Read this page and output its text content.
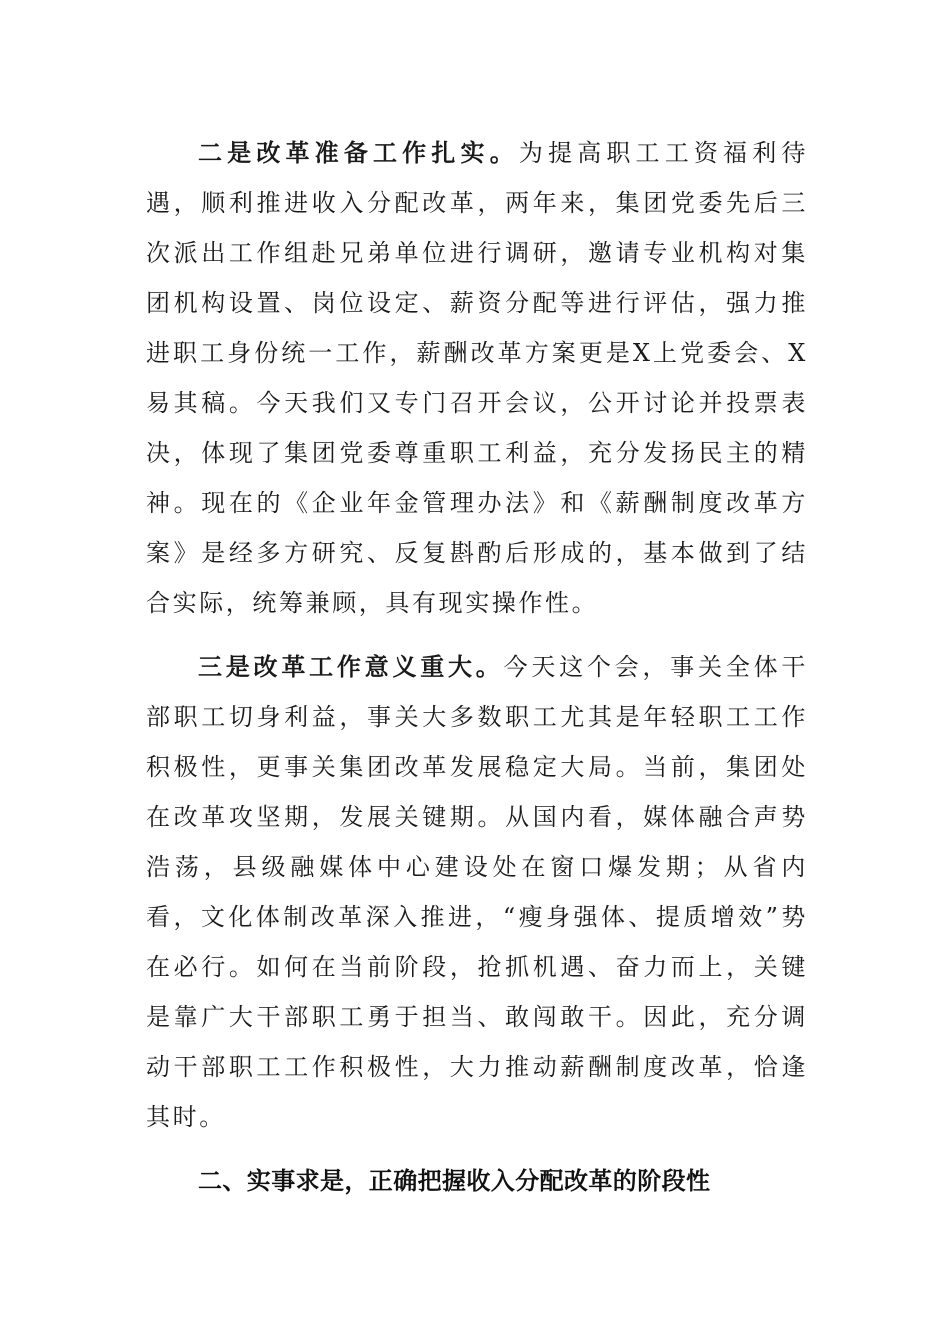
二是改革准备工作扎实。为提高职工工资福利待遇，顺利推进收入分配改革，两年来，集团党委先后三次派出工作组赴兄弟单位进行调研，邀请专业机构对集团机构设置、岗位设定、薪资分配等进行评估，强力推进职工身份统一工作，薪酬改革方案更是X上党委会、X易其稿。今天我们又专门召开会议，公开讨论并投票表决，体现了集团党委尊重职工利益，充分发扬民主的精神。现在的《企业年金管理办法》和《薪酬制度改革方案》是经多方研究、反复斟酌后形成的，基本做到了结合实际，统筹兼顾，具有现实操作性。

三是改革工作意义重大。今天这个会，事关全体干部职工切身利益，事关大多数职工尤其是年轻职工工作积极性，更事关集团改革发展稳定大局。当前，集团处在改革攻坚期，发展关键期。从国内看，媒体融合声势浩荡，县级融媒体中心建设处在窗口爆发期；从省内看，文化体制改革深入推进，“瘦身强体、提质增效”势在必行。如何在当前阶段，抢抓机遇、奋力而上，关键是靠广大干部职工勇于担当、敢闯敢干。因此，充分调动干部职工工作积极性，大力推动薪酬制度改革，恰逢其时。

二、实事求是，正确把握收入分配改革的阶段性
